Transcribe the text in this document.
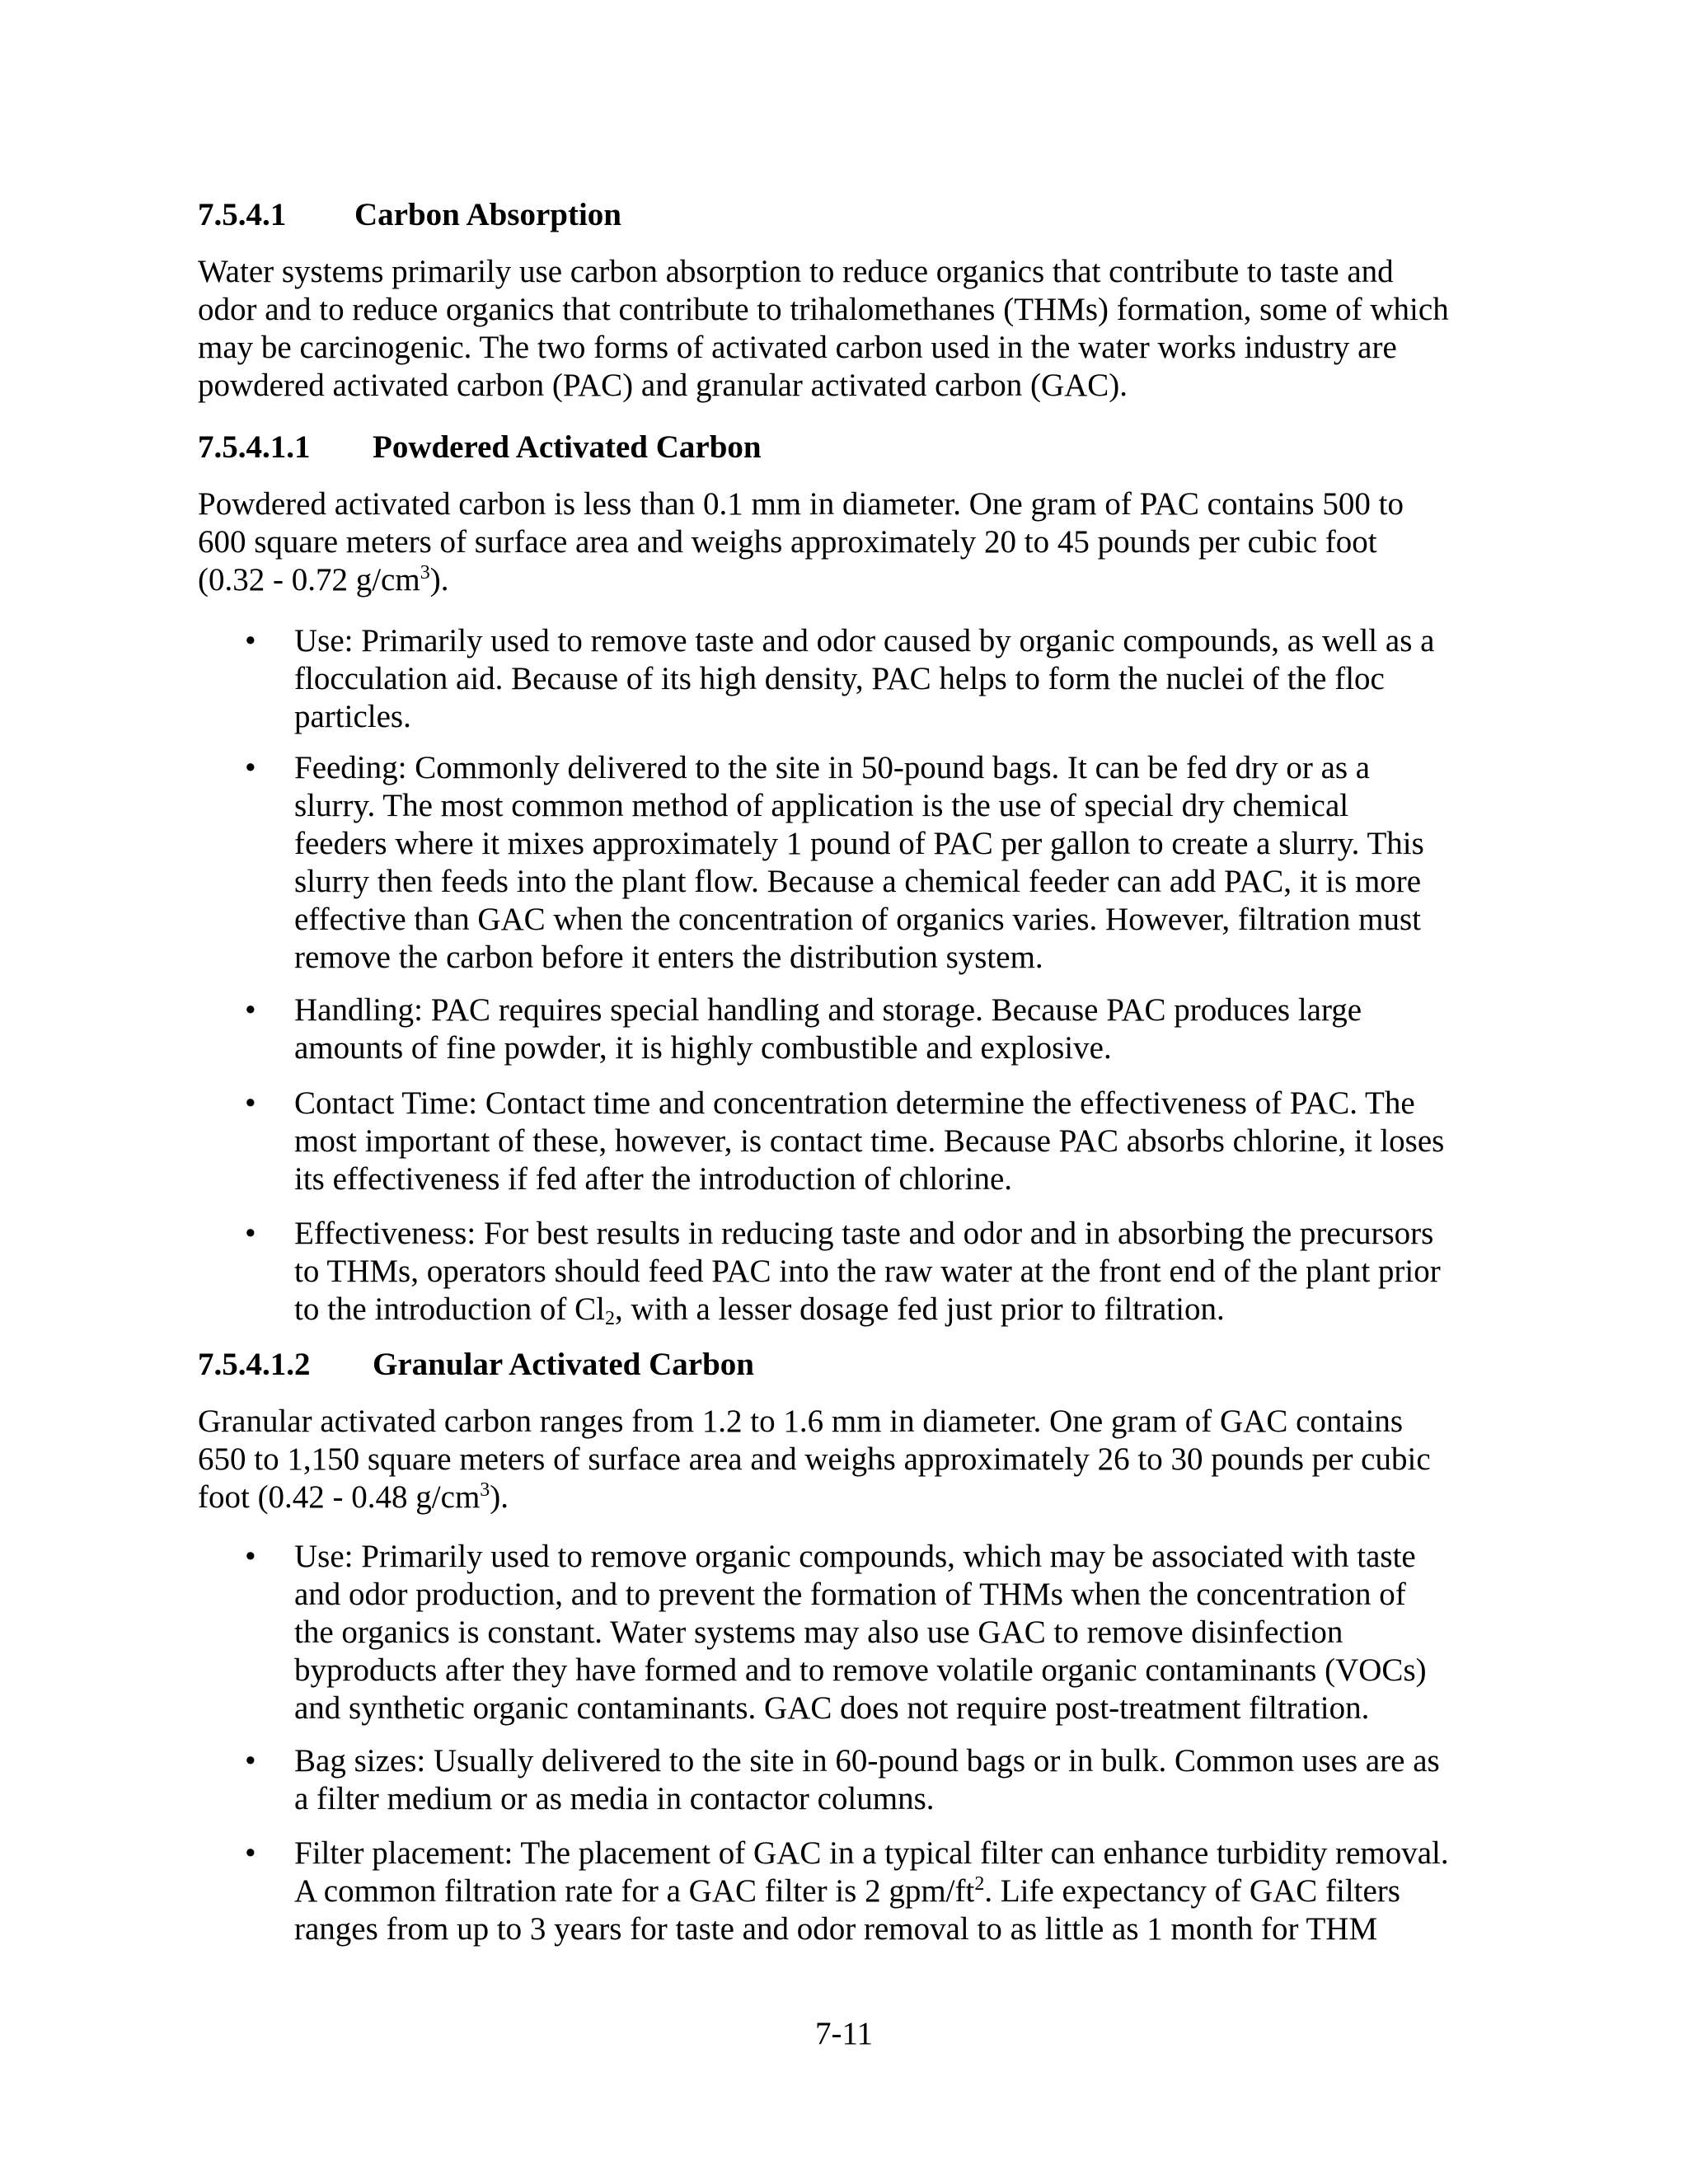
7.5.4.1 Carbon Absorption
Water systems primarily use carbon absorption to reduce organics that contribute to taste and
odor and to reduce organics that contribute to trihalomethanes (THMs) formation, some of which
may be carcinogenic. The two forms of activated carbon used in the water works industry are
powdered activated carbon (PAC) and granular activated carbon (GAC).
7.5.4.1.1 Powdered Activated Carbon
Powdered activated carbon is less than 0.1 mm in diameter. One gram of PAC contains 500 to
600 square meters of surface area and weighs approximately 20 to 45 pounds per cubic foot
(0.32 - 0.72 $g/cm^3$).
• Use: Primarily used to remove taste and odor caused by organic compounds, as well as a
flocculation aid. Because of its high density, PAC helps to form the nuclei of the floc
particles.
• Feeding: Commonly delivered to the site in 50-pound bags. It can be fed dry or as a
slurry. The most common method of application is the use of special dry chemical
feeders where it mixes approximately 1 pound of PAC per gallon to create a slurry. This
slurry then feeds into the plant flow. Because a chemical feeder can add PAC, it is more
effective than GAC when the concentration of organics varies. However, filtration must
remove the carbon before it enters the distribution system.
• Handling: PAC requires special handling and storage. Because PAC produces large
amounts of fine powder, it is highly combustible and explosive.
• Contact Time: Contact time and concentration determine the effectiveness of PAC. The
most important of these, however, is contact time. Because PAC absorbs chlorine, it loses
its effectiveness if fed after the introduction of chlorine.
• Effectiveness: For best results in reducing taste and odor and in absorbing the precursors
to THMs, operators should feed PAC into the raw water at the front end of the plant prior
to the introduction of $Cl_2$, with a lesser dosage fed just prior to filtration.
7.5.4.1.2 Granular Activated Carbon
Granular activated carbon ranges from 1.2 to 1.6 mm in diameter. One gram of GAC contains
650 to 1,150 square meters of surface area and weighs approximately 26 to 30 pounds per cubic
foot (0.42 - 0.48 $g/cm^3$).
• Use: Primarily used to remove organic compounds, which may be associated with taste
and odor production, and to prevent the formation of THMs when the concentration of
the organics is constant. Water systems may also use GAC to remove disinfection
byproducts after they have formed and to remove volatile organic contaminants (VOCs)
and synthetic organic contaminants. GAC does not require post-treatment filtration.
• Bag sizes: Usually delivered to the site in 60-pound bags or in bulk. Common uses are as
a filter medium or as media in contactor columns.
• Filter placement: The placement of GAC in a typical filter can enhance turbidity removal.
A common filtration rate for a GAC filter is 2 gpm/$ft^2$. Life expectancy of GAC filters
ranges from up to 3 years for taste and odor removal to as little as 1 month for THM
7-11
